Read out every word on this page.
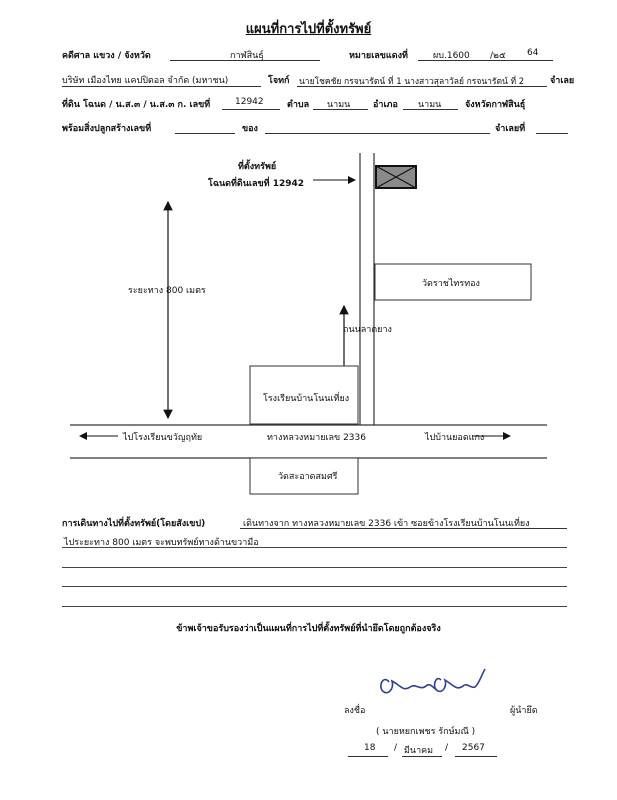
แผนที่การไปที่ตั้งทรัพย์
คดีศาล แขวง / จังหวัด	กาฬสินธุ์	หมายเลขแดงที่	ผบ.1600 /๒๕ 64
บริษัท เมืองไทย แคปปิตอล จำกัด (มหาชน)	โจทก์ นายโชคชัย กรจนารัตน์ ที่ 1 นางสาวสุลาวัลย์ กรจนารัตน์ ที่ 2	จำเลย
ที่ดิน โฉนด / น.ส.๓ / น.ส.๓ ก. เลขที่	12942	ตำบล นามน	อำเภอ นามน	จังหวัดกาฬสินธุ์
พร้อมสิ่งปลูกสร้างเลขที่	ของ	จำเลยที่
ที่ตั้งทรัพย์
โฉนดที่ดินเลขที่ 12942
ระยะทาง 800 เมตร
วัดราชไทรทอง
ถนนลาดยาง
โรงเรียนบ้านโนนเที่ยง
ไปโรงเรียนขวัญฤทัย	ทางหลวงหมายเลข 2336	ไปบ้านยอดแกง
วัดสะอาดสมศรี
การเดินทางไปที่ตั้งทรัพย์(โดยสังเขป)	เดินทางจาก ทางหลวงหมายเลข 2336 เข้า ซอยข้างโรงเรียนบ้านโนนเที่ยง
ไประยะทาง 800 เมตร จะพบทรัพย์ทางด้านขวามือ
ข้าพเจ้าขอรับรองว่าเป็นแผนที่การไปที่ตั้งทรัพย์ที่นำยึดโดยถูกต้องจริง
ลงชื่อ	ผู้นำยึด
( นายหยกเพชร รักษ์มณี )
18 / มีนาคม / 2567
